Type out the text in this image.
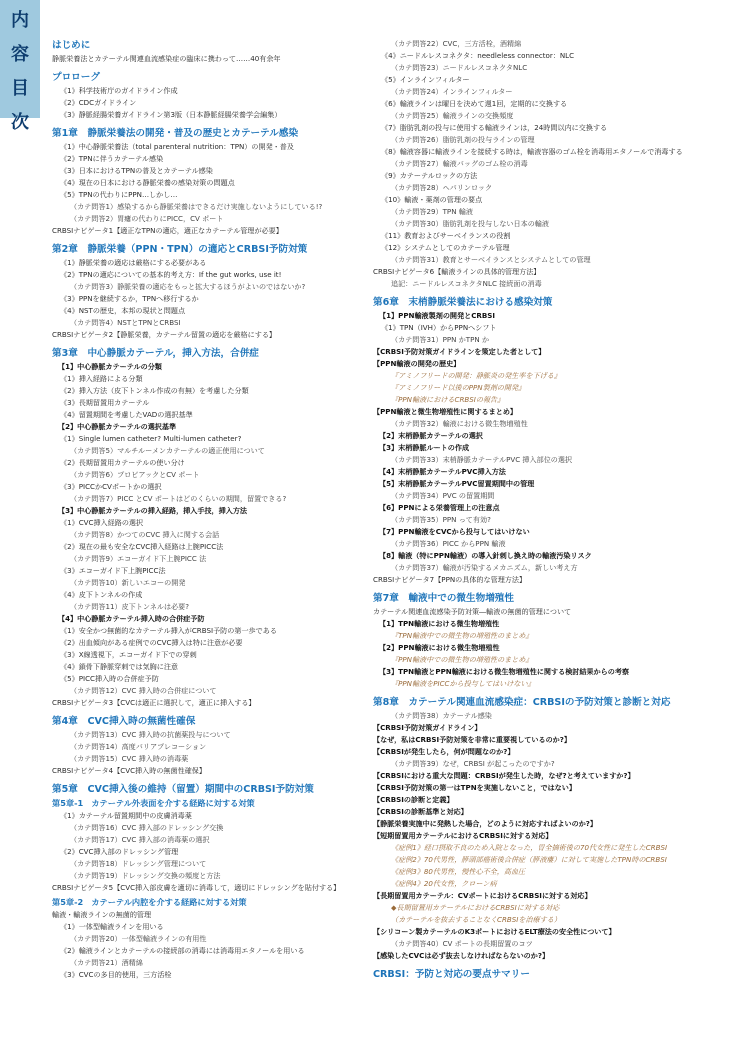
内
容
目
次
はじめに
静脈栄養法とカテーテル関連血流感染症の臨床に携わって……40有余年
プロローグ
《1》科学技術庁のガイドライン作成
《2》CDCガイドライン
《3》静脈経腸栄養ガイドライン第3版（日本静脈経腸栄養学会編集）
第1章　静脈栄養法の開発・普及の歴史とカテーテル感染
《1》中心静脈栄養法（total parenteral nutrition：TPN）の開発・普及
《2》TPNに伴うカテーテル感染
《3》日本におけるTPNの普及とカテーテル感染
《4》現在の日本における静脈栄養の感染対策の問題点
《5》TPNの代わりにPPN…しかし…
（カテ問答1）感染するから静脈栄養はできるだけ実施しないようにしている!?
（カテ問答2）胃瘻の代わりにPICC，CV ポート
CRBSIナビゲータ1【適正なTPNの適応，適正なカテーテル管理が必要】
第2章　静脈栄養（PPN・TPN）の適応とCRBSI予防対策
《1》静脈栄養の適応は厳格にする必要がある
《2》TPNの適応についての基本的考え方：If the gut works, use it!
（カテ問答3）静脈栄養の適応をもっと拡大するほうがよいのではないか?
《3》PPNを継続するか，TPNへ移行するか
《4》NSTの歴史，本邦の現状と問題点
（カテ問答4）NSTとTPNとCRBSI
CRBSIナビゲータ2【静脈栄養，カテーテル留置の適応を厳格にする】
第3章　中心静脈カテーテル，挿入方法，合併症
【1】中心静脈カテーテルの分類
《1》挿入経路による分類
《2》挿入方法（皮下トンネル作成の有無）を考慮した分類
《3》長期留置用カテーテル
《4》留置期間を考慮したVADの選択基準
【2】中心静脈カテーテルの選択基準
《1》Single lumen catheter? Multi-lumen catheter?
（カテ問答5）マルチルーメンカテーテルの適正使用について
《2》長期留置用カテーテルの使い分け
（カテ問答6）プロビアックとCV ポート
《3》PICCかCVポートかの選択
（カテ問答7）PICC とCV ポートはどのくらいの期間，留置できる?
【3】中心静脈カテーテルの挿入経路，挿入手技，挿入方法
《1》CVC挿入経路の選択
（カテ問答8）かつてのCVC 挿入に関する会話
《2》現在の最も安全なCVC挿入経路は上腕PICC法
（カテ問答9）エコーガイド下上腕PICC 法
《3》エコーガイド下上腕PICC法
（カテ問答10）新しいエコーの開発
《4》皮下トンネルの作成
（カテ問答11）皮下トンネルは必要?
【4】中心静脈カテーテル挿入時の合併症予防
《1》安全かつ無菌的なカテーテル挿入がCRBSI予防の第一歩である
《2》出血傾向がある症例でのCVC挿入は特に注意が必要
《3》X線透視下，エコーガイド下での穿刺
《4》鎖骨下静脈穿刺では気胸に注意
《5》PICC挿入時の合併症予防
（カテ問答12）CVC 挿入時の合併症について
CRBSIナビゲータ3【CVCは適正に選択して，適正に挿入する】
第4章　CVC挿入時の無菌性確保
（カテ問答13）CVC 挿入時の抗菌薬投与について
（カテ問答14）高度バリアプレコーション
（カテ問答15）CVC 挿入時の消毒薬
CRBSIナビゲータ4【CVC挿入時の無菌性確保】
第5章　CVC挿入後の維持（留置）期間中のCRBSI予防対策
第5章-1　カテーテル外表面を介する経路に対する対策
《1》カテーテル留置期間中の皮膚消毒薬
（カテ問答16）CVC 挿入部のドレッシング交換
（カテ問答17）CVC 挿入部の消毒薬の選択
《2》CVC挿入部のドレッシング管理
（カテ問答18）ドレッシング管理について
（カテ問答19）ドレッシング交換の頻度と方法
CRBSIナビゲータ5【CVC挿入部皮膚を適切に消毒して，適切にドレッシングを貼付する】
第5章-2　カテーテル内腔を介する経路に対する対策
輸液・輸液ラインの無菌的管理
《1》一体型輸液ラインを用いる
（カテ問答20）一体型輸液ラインの有用性
《2》輸液ラインとカテーテルの接続部の消毒には消毒用エタノールを用いる
（カテ問答21）酒精綿
《3》CVCの多目的使用，三方活栓
（カテ問答22）CVC，三方活栓，酒精綿
《4》ニードルレスコネクタ：needleless connector：NLC
（カテ問答23）ニードルレスコネクタNLC
《5》インラインフィルター
（カテ問答24）インラインフィルター
《6》輸液ラインは曜日を決めて週1回，定期的に交換する
（カテ問答25）輸液ラインの交換頻度
《7》脂肪乳剤の投与に使用する輸液ラインは，24時間以内に交換する
（カテ問答26）脂肪乳剤の投与ラインの管理
《8》輸液容器に輸液ラインを接続する時は，輸液容器のゴム栓を消毒用エタノールで消毒する
（カテ問答27）輸液バッグのゴム栓の消毒
《9》カテーテルロックの方法
（カテ問答28）ヘパリンロック
《10》輸液・薬剤の管理の要点
（カテ問答29）TPN 輸液
（カテ問答30）脂肪乳剤を投与しない日本の輸液
《11》教育およびサーベイランスの役割
《12》システムとしてのカテーテル管理
（カテ問答31）教育とサーベイランスとシステムとしての管理
CRBSIナビゲータ6【輸液ラインの具体的管理方法】
追記：ニードルレスコネクタNLC 接続面の消毒
第6章　末梢静脈栄養法における感染対策
【1】PPN輸液製剤の開発とCRBSI
《1》TPN（IVH）からPPNへシフト
（カテ問答31）PPN かTPN か
【CRBSI予防対策ガイドラインを策定した者として】
【PPN輸液の開発の歴史】
『アミノフリードの開発：静脈炎の発生率を下げる』
『アミノフリード以後のPPN製剤の開発』
『PPN輸液におけるCRBSIの報告』
【PPN輸液と微生物増殖性に関するまとめ】
（カテ問答32）輸液における微生物増殖性
【2】末梢静脈カテーテルの選択
【3】末梢静脈ルートの作成
（カテ問答33）末梢静脈カテーテルPVC 挿入部位の選択
【4】末梢静脈カテーテルPVC挿入方法
【5】末梢静脈カテーテルPVC留置期間中の管理
（カテ問答34）PVC の留置期間
【6】PPNによる栄養管理上の注意点
（カテ問答35）PPN って有効?
【7】PPN輸液をCVCから投与してはいけない
（カテ問答36）PICC からPPN 輸液
【8】輸液（特にPPN輸液）の導入針刺し換え時の輸液汚染リスク
（カテ問答37）輸液が汚染するメカニズム，新しい考え方
CRBSIナビゲータ7【PPNの具体的な管理方法】
第7章　輸液中での微生物増殖性
カテーテル関連血流感染予防対策―輸液の無菌的管理について
【1】TPN輸液における微生物増殖性
『TPN輸液中での微生物の増殖性のまとめ』
【2】PPN輸液における微生物増殖性
『PPN輸液中での微生物の増殖性のまとめ』
【3】TPN輸液とPPN輸液における微生物増殖性に関する検討結果からの考察
『PPN輸液をPICCから投与してはいけない』
第8章　カテーテル関連血流感染症：CRBSIの予防対策と診断と対応
（カテ問答38）カテーテル感染
【CRBSI予防対策ガイドライン】
【なぜ，私はCRBSI予防対策を非常に重要視しているのか?】
【CRBSIが発生したら，何が問題なのか?】
（カテ問答39）なぜ，CRBSI が起こったのですか?
【CRBSIにおける重大な問題：CRBSIが発生した時，なぜ?と考えていますか?】
【CRBSI予防対策の第一はTPNを実施しないこと，ではない】
【CRBSIの診断と定義】
【CRBSIの診断基準と対応】
【静脈栄養実施中に発熱した場合，どのように対応すればよいのか?】
【短期留置用カテーテルにおけるCRBSIに対する対応】
《症例1》経口摂取不良のため入院となった，胃全摘術後の70代女性に発生したCRBSI
《症例2》70代男性，膵頭部癌術後合併症（膵液瘻）に対して実施したTPN時のCRBSI
《症例3》80代男性，慢性心不全，高血圧
《症例4》20代女性，クローン病
【長期留置用カテーテル：CVポートにおけるCRBSIに対する対応】
◆長期留置用カテーテルにおけるCRBSIに対する対応
（カテーテルを抜去することなくCRBSIを治療する）
【シリコーン製カテーテルのK3ポートにおけるELT療法の安全性について】
（カテ問答40）CV ポートの長期留置のコツ
【感染したCVCは必ず抜去しなければならないのか?】
CRBSI：予防と対応の要点サマリー
